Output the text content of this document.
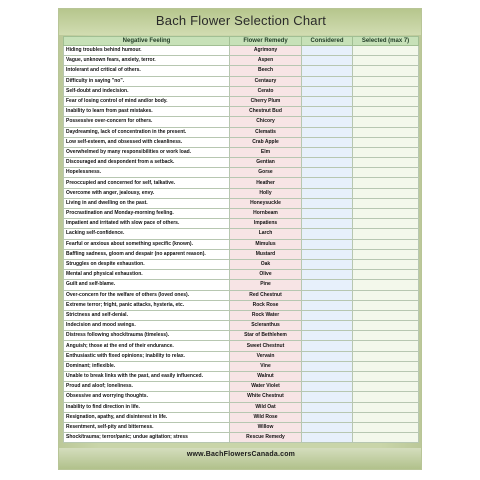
Bach Flower Selection Chart
Negative Feeling	Flower Remedy	Considered	Selected (max 7)
Hiding troubles behind humour.	Agrimony		
Vague, unknown fears, anxiety, terror.	Aspen		
Intolerant and critical of others.	Beech		
Difficulty in saying "no".	Centaury		
Self-doubt and indecision.	Cerato		
Fear of losing control of mind and/or body.	Cherry Plum		
Inability to learn from past mistakes.	Chestnut Bud		
Possessive over-concern for others.	Chicory		
Daydreaming, lack of concentration in the present.	Clematis		
Low self-esteem, and obsessed with cleanliness.	Crab Apple		
Overwhelmed by many responsibilities or work load.	Elm		
Discouraged and despondent from a setback.	Gentian		
Hopelessness.	Gorse		
Preoccupied and concerned for self, talkative.	Heather		
Overcome with anger, jealousy, envy.	Holly		
Living in and dwelling on the past.	Honeysuckle		
Procrastination and Monday-morning feeling.	Hornbeam		
Impatient and irritated with slow pace of others.	Impatiens		
Lacking self-confidence.	Larch		
Fearful or anxious about something specific (known).	Mimulus		
Baffling sadness, gloom and despair (no apparent reason).	Mustard		
Struggles on despite exhaustion.	Oak		
Mental and physical exhaustion.	Olive		
Guilt and self-blame.	Pine		
Over-concern for the welfare of others (loved ones).	Red Chestnut		
Extreme terror; fright, panic attacks, hysteria, etc.	Rock Rose		
Strictness and self-denial.	Rock Water		
Indecision and mood swings.	Scleranthus		
Distress following shock/trauma (timeless).	Star of Bethlehem		
Anguish; those at the end of their endurance.	Sweet Chestnut		
Enthusiastic with fixed opinions; inability to relax.	Vervain		
Dominant; inflexible.	Vine		
Unable to break links with the past, and easily influenced.	Walnut		
Proud and aloof; loneliness.	Water Violet		
Obsessive and worrying thoughts.	White Chestnut		
Inability to find direction in life.	Wild Oat		
Resignation, apathy, and disinterest in life.	Wild Rose		
Resentment, self-pity and bitterness.	Willow		
Shock/trauma; terror/panic; undue agitation; stress	Rescue Remedy		
www.BachFlowersCanada.com
